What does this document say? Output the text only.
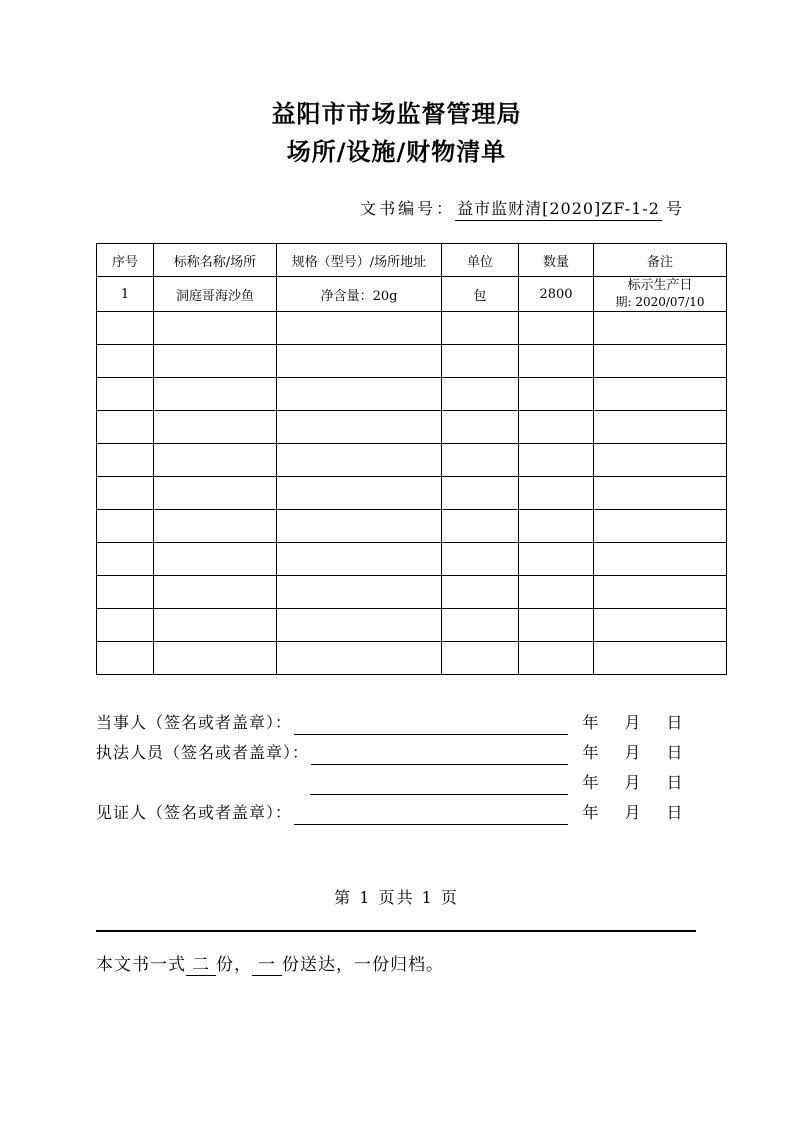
益阳市市场监督管理局
场所/设施/财物清单
文书编号： 益市监财清[2020]ZF-1-2 号
序号	标称名称/场所	规格（型号）/场所地址	单位	数量	备注
1	洞庭哥海沙鱼	净含量：20g	包	2800	标示生产日
期: 2020/07/10

当事人（签名或者盖章）：	年 月 日
执法人员（签名或者盖章）：	年 月 日
年 月 日
见证人（签名或者盖章）：	年 月 日
第 1 页共 1 页
本文书一式 二 份， 一 份送达，一份归档。
